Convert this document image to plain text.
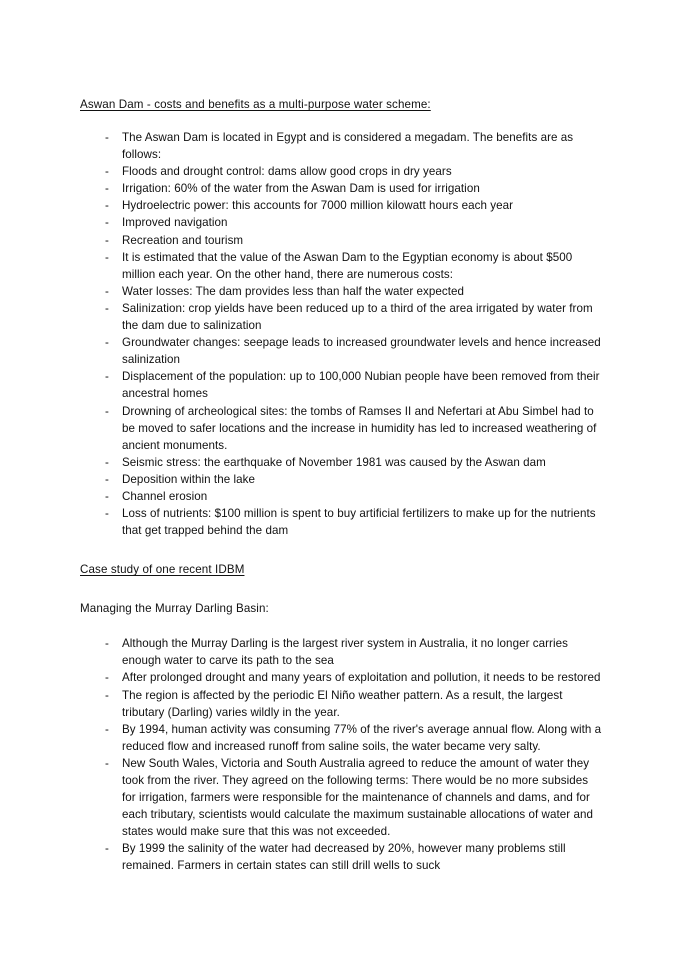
Aswan Dam - costs and benefits as a multi-purpose water scheme:
- The Aswan Dam is located in Egypt and is considered a megadam. The benefits are as follows:
- Floods and drought control: dams allow good crops in dry years
- Irrigation: 60% of the water from the Aswan Dam is used for irrigation
- Hydroelectric power: this accounts for 7000 million kilowatt hours each year
- Improved navigation
- Recreation and tourism
- It is estimated that the value of the Aswan Dam to the Egyptian economy is about $500 million each year. On the other hand, there are numerous costs:
- Water losses: The dam provides less than half the water expected
- Salinization: crop yields have been reduced up to a third of the area irrigated by water from the dam due to salinization
- Groundwater changes: seepage leads to increased groundwater levels and hence increased salinization
- Displacement of the population: up to 100,000 Nubian people have been removed from their ancestral homes
- Drowning of archeological sites: the tombs of Ramses II and Nefertari at Abu Simbel had to be moved to safer locations and the increase in humidity has led to increased weathering of ancient monuments.
- Seismic stress: the earthquake of November 1981 was caused by the Aswan dam
- Deposition within the lake
- Channel erosion
- Loss of nutrients: $100 million is spent to buy artificial fertilizers to make up for the nutrients that get trapped behind the dam
Case study of one recent IDBM
Managing the Murray Darling Basin:
- Although the Murray Darling is the largest river system in Australia, it no longer carries enough water to carve its path to the sea
- After prolonged drought and many years of exploitation and pollution, it needs to be restored
- The region is affected by the periodic El Niño weather pattern. As a result, the largest tributary (Darling) varies wildly in the year.
- By 1994, human activity was consuming 77% of the river's average annual flow. Along with a reduced flow and increased runoff from saline soils, the water became very salty.
- New South Wales, Victoria and South Australia agreed to reduce the amount of water they took from the river. They agreed on the following terms: There would be no more subsides for irrigation, farmers were responsible for the maintenance of channels and dams, and for each tributary, scientists would calculate the maximum sustainable allocations of water and states would make sure that this was not exceeded.
- By 1999 the salinity of the water had decreased by 20%, however many problems still remained. Farmers in certain states can still drill wells to suck
